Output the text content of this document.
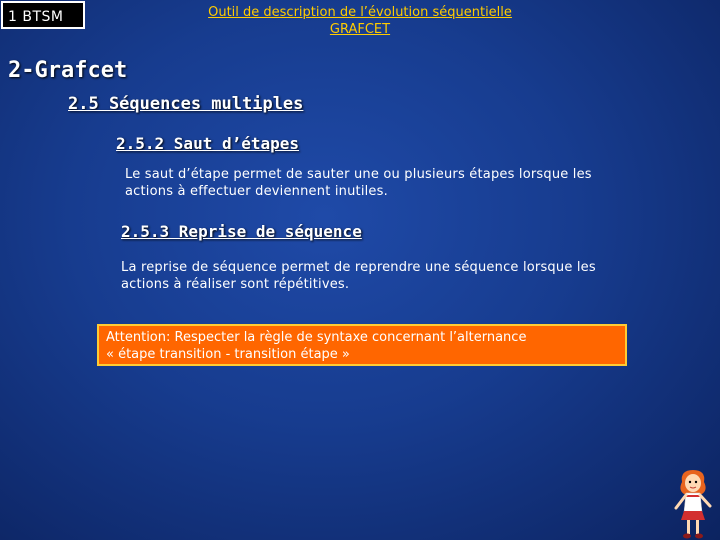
1 BTSM	Outil de description de l’évolution séquentielle
GRAFCET
2-Grafcet
2.5 Séquences multiples
2.5.2 Saut d’étapes
Le saut d’étape permet de sauter une ou plusieurs étapes lorsque les
actions à effectuer deviennent inutiles.
2.5.3 Reprise de séquence
La reprise de séquence permet de reprendre une séquence lorsque les
actions à réaliser sont répétitives.
Attention: Respecter la règle de syntaxe concernant l’alternance
« étape transition - transition étape »
